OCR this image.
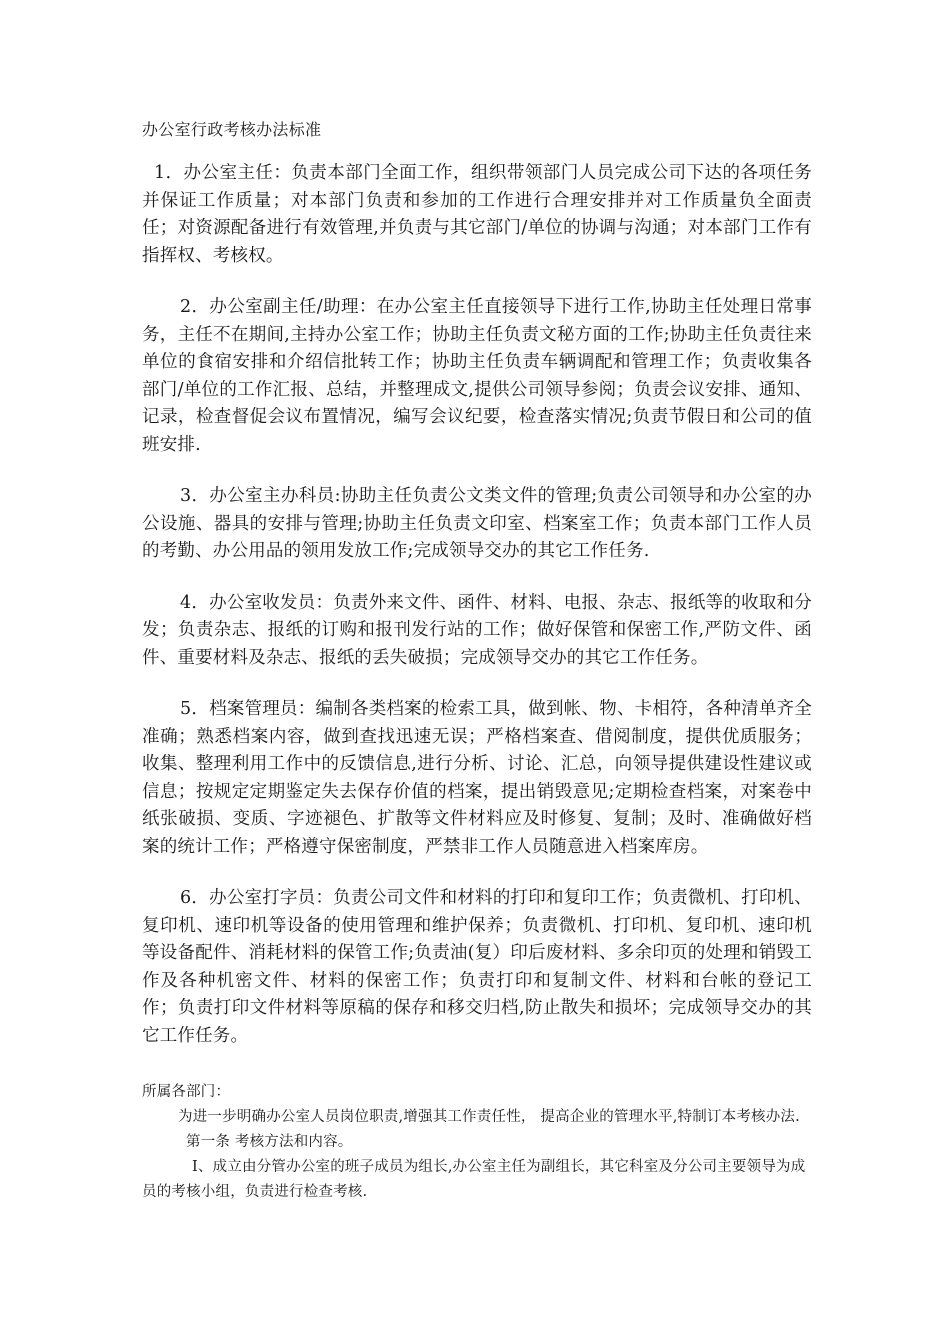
办公室行政考核办法标准

1．办公室主任：负责本部门全面工作，组织带领部门人员完成公司下达的各项任务并保证工作质量；对本部门负责和参加的工作进行合理安排并对工作质量负全面责任；对资源配备进行有效管理,并负责与其它部门/单位的协调与沟通；对本部门工作有指挥权、考核权。

2．办公室副主任/助理：在办公室主任直接领导下进行工作,协助主任处理日常事务，主任不在期间,主持办公室工作；协助主任负责文秘方面的工作;协助主任负责往来单位的食宿安排和介绍信批转工作；协助主任负责车辆调配和管理工作；负责收集各部门/单位的工作汇报、总结，并整理成文,提供公司领导参阅；负责会议安排、通知、记录，检查督促会议布置情况，编写会议纪要，检查落实情况;负责节假日和公司的值班安排.

3．办公室主办科员:协助主任负责公文类文件的管理;负责公司领导和办公室的办公设施、器具的安排与管理;协助主任负责文印室、档案室工作；负责本部门工作人员的考勤、办公用品的领用发放工作;完成领导交办的其它工作任务.

4．办公室收发员：负责外来文件、函件、材料、电报、杂志、报纸等的收取和分发；负责杂志、报纸的订购和报刊发行站的工作；做好保管和保密工作,严防文件、函件、重要材料及杂志、报纸的丢失破损；完成领导交办的其它工作任务。

5．档案管理员：编制各类档案的检索工具，做到帐、物、卡相符，各种清单齐全准确；熟悉档案内容，做到查找迅速无误；严格档案查、借阅制度，提供优质服务；收集、整理利用工作中的反馈信息,进行分析、讨论、汇总，向领导提供建设性建议或信息；按规定定期鉴定失去保存价值的档案，提出销毁意见;定期检查档案，对案卷中纸张破损、变质、字迹褪色、扩散等文件材料应及时修复、复制；及时、准确做好档案的统计工作；严格遵守保密制度，严禁非工作人员随意进入档案库房。

6．办公室打字员：负责公司文件和材料的打印和复印工作；负责微机、打印机、复印机、速印机等设备的使用管理和维护保养；负责微机、打印机、复印机、速印机等设备配件、消耗材料的保管工作;负责油(复）印后废材料、多余印页的处理和销毁工作及各种机密文件、材料的保密工作；负责打印和复制文件、材料和台帐的登记工作；负责打印文件材料等原稿的保存和移交归档,防止散失和损坏；完成领导交办的其它工作任务。

所属各部门：

为进一步明确办公室人员岗位职责,增强其工作责任性， 提高企业的管理水平,特制订本考核办法.

第一条 考核方法和内容。

Ⅰ、成立由分管办公室的班子成员为组长,办公室主任为副组长，其它科室及分公司主要领导为成员的考核小组，负责进行检查考核.
